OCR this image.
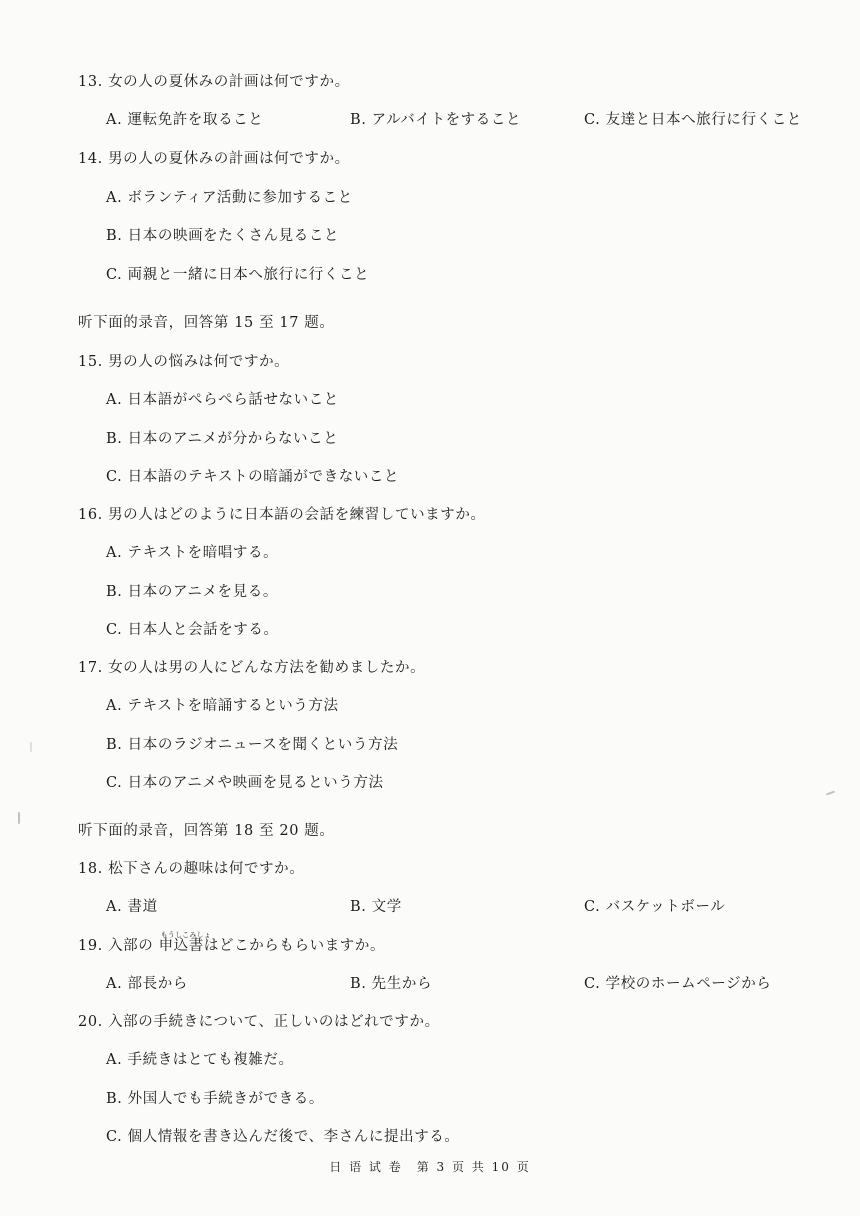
13. 女の人の夏休みの計画は何ですか。
A. 運転免許を取ること	B. アルバイトをすること	C. 友達と日本へ旅行に行くこと
14. 男の人の夏休みの計画は何ですか。
A. ボランティア活動に参加すること
B. 日本の映画をたくさん見ること
C. 両親と一緒に日本へ旅行に行くこと
听下面的录音，回答第 15 至 17 题。
15. 男の人の悩みは何ですか。
A. 日本語がぺらぺら話せないこと
B. 日本のアニメが分からないこと
C. 日本語のテキストの暗誦ができないこと
16. 男の人はどのように日本語の会話を練習していますか。
A. テキストを暗唱する。
B. 日本のアニメを見る。
C. 日本人と会話をする。
17. 女の人は男の人にどんな方法を勧めましたか。
A. テキストを暗誦するという方法
B. 日本のラジオニュースを聞くという方法
C. 日本のアニメや映画を見るという方法
听下面的录音，回答第 18 至 20 题。
18. 松下さんの趣味は何ですか。
A. 書道	B. 文学	C. バスケットボール
19. 入部の
もうしこみしょ
申込書はどこからもらいますか。
A. 部長から	B. 先生から	C. 学校のホームページから
20. 入部の手続きについて、正しいのはどれですか。
A. 手続きはとても複雑だ。
B. 外国人でも手続きができる。
C. 個人情報を書き込んだ後で、李さんに提出する。
日 语 试 卷　第 3 页 共 10 页
